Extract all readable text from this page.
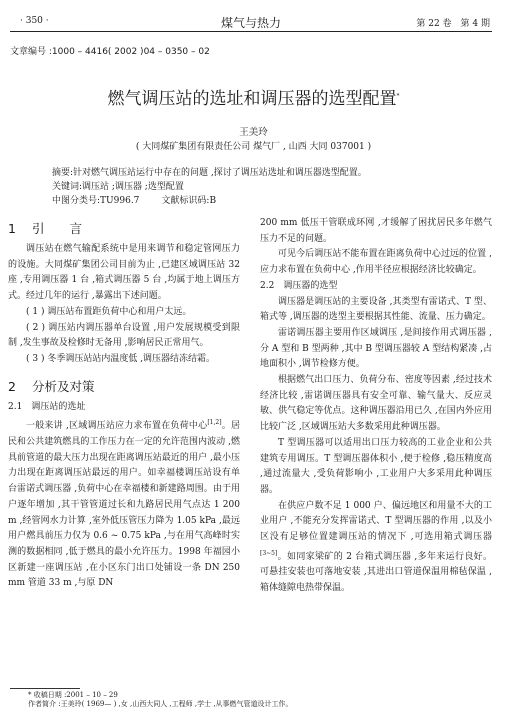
· 350 ·	煤气与热力	第 22 卷　第 4 期
文章编号 :1000 – 4416( 2002 )04 – 0350 – 02
燃气调压站的选址和调压器的选型配置*
王美玲
( 大同煤矿集团有限责任公司 煤气厂 , 山西 大同 037001 )
摘要:针对燃气调压站运行中存在的问题 ,探讨了调压站选址和调压器选型配置。
关键词:调压站 ;调压器 ;选型配置
中图分类号:TU996.7 文献标识码:B
1 引　　言

调压站在燃气输配系统中是用来调节和稳定管网压力的设施。大同煤矿集团公司目前为止 ,已建区域调压站 32 座 ,专用调压器 1 台 ,箱式调压器 5 台 ,均属于地上调压方式。经过几年的运行 ,暴露出下述问题。

( 1 ) 调压站布置距负荷中心和用户太远。

( 2 ) 调压站内调压器单台设置 ,用户发展规模受到限制 ,发生事故及检修时无备用 ,影响居民正常用气。

( 3 ) 冬季调压站站内温度低 ,调压器结冻结霜。

2 分析及对策

2.1　调压站的选址

一般来讲 ,区域调压站应力求布置在负荷中心[1,2]。居民和公共建筑燃具的工作压力在一定的允许范围内波动 ,燃具前管道的最大压力出现在距离调压站最近的用户 ,最小压力出现在距离调压站最远的用户。如幸福楼调压站设有单台雷诺式调压器 ,负荷中心在幸福楼和新建路周围。由于用户逐年增加 ,其干管管道过长和九路居民用气点达 1 200 m ,经管网水力计算 ,室外低压管压力降为 1.05 kPa ,最远用户燃具前压力仅为 0.6 ~ 0.75 kPa ,与在用气高峰时实测的数据相同 ,低于燃具的最小允许压力。1998 年福园小区新建一座调压站 ,在小区东门出口处铺设一条 DN 250 mm 管道 33 m ,与原 DN

200 mm 低压干管联成环网 ,才缓解了困扰居民多年燃气压力不足的问题。

可见今后调压站不能布置在距离负荷中心过远的位置 ,应力求布置在负荷中心 ,作用半径应根据经济比较确定。

2.2　调压器的选型

调压器是调压站的主要设备 ,其类型有雷诺式、T 型、箱式等 ,调压器的选型主要根据其性能、流量、压力确定。

雷诺调压器主要用作区域调压 ,是间接作用式调压器 ,分 A 型和 B 型两种 ,其中 B 型调压器较 A 型结构紧凑 ,占地面积小 ,调节检修方便。

根据燃气出口压力、负荷分布、密度等因素 ,经过技术经济比较 ,雷诺调压器具有安全可靠、输气量大、反应灵敏、供气稳定等优点。这种调压器沿用已久 ,在国内外应用比较广泛 ,区域调压站大多数采用此种调压器。

T 型调压器可以适用出口压力较高的工业企业和公共建筑专用调压。T 型调压器体积小 ,便于检修 ,稳压精度高 ,通过流量大 ,受负荷影响小 ,工业用户大多采用此种调压器。

在供应户数不足 1 000 户、偏远地区和用量不大的工业用户 ,不能充分发挥雷诺式、T 型调压器的作用 ,以及小区没有足够位置建调压站的情况下 ,可选用箱式调压器[3~5]。如同家梁矿的 2 台箱式调压器 ,多年来运行良好。可悬挂安装也可落地安装 ,其进出口管道保温用棉毡保温 ,箱体缝隙电热带保温。

* 收稿日期 :2001 – 10 – 29
作者简介 :王美玲( 1969— ) ,女 ,山西大同人 ,工程师 ,学士 ,从事燃气管道设计工作。
